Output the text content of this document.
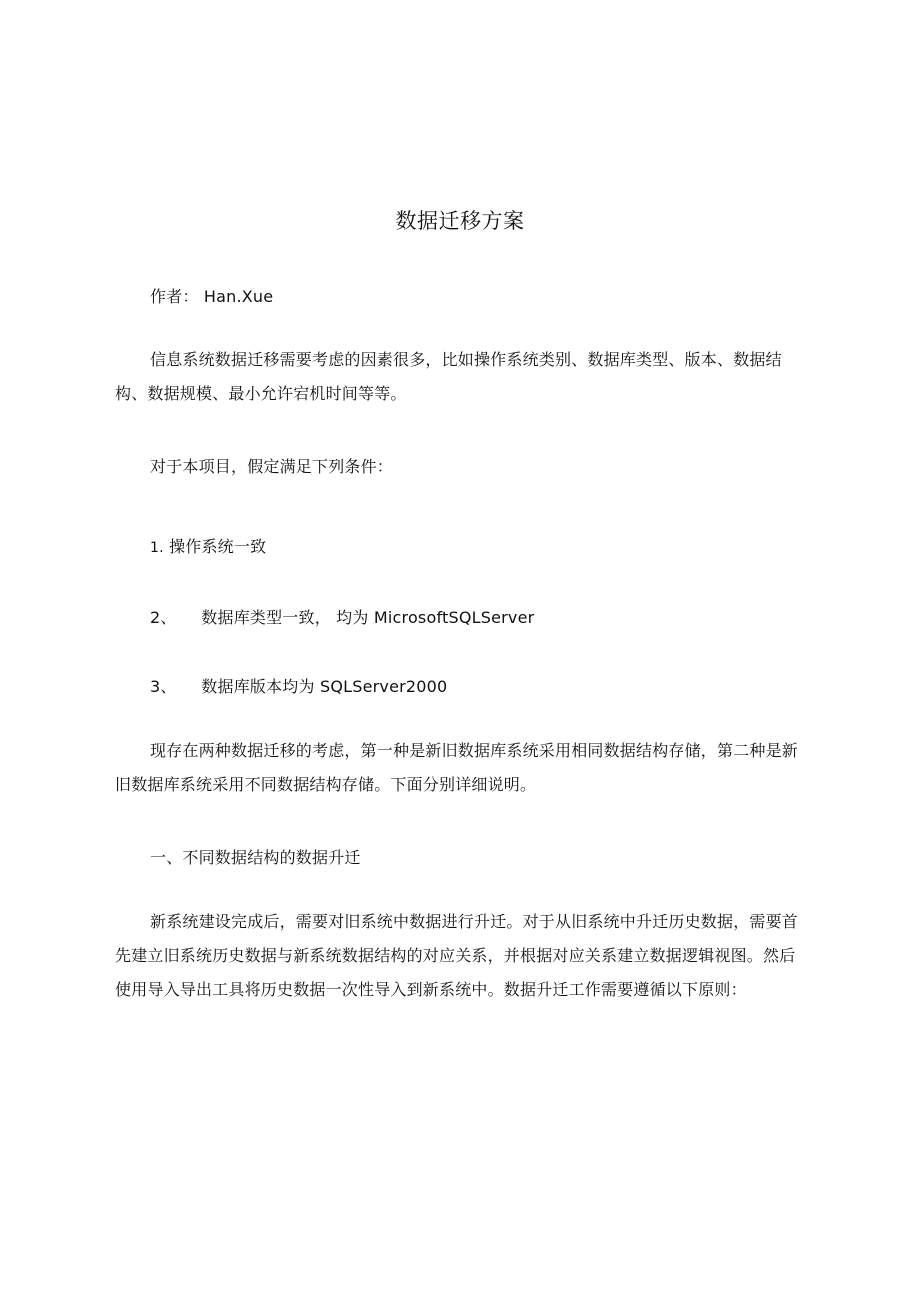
数据迁移方案
作者： Han.Xue
信息系统数据迁移需要考虑的因素很多，比如操作系统类别、数据库类型、版本、数据结构、数据规模、最小允许宕机时间等等。
对于本项目，假定满足下列条件：
1. 操作系统一致
2、 数据库类型一致， 均为 MicrosoftSQLServer
3、 数据库版本均为 SQLServer2000
现存在两种数据迁移的考虑，第一种是新旧数据库系统采用相同数据结构存储，第二种是新旧数据库系统采用不同数据结构存储。下面分别详细说明。
一、不同数据结构的数据升迁
新系统建设完成后，需要对旧系统中数据进行升迁。对于从旧系统中升迁历史数据，需要首先建立旧系统历史数据与新系统数据结构的对应关系，并根据对应关系建立数据逻辑视图。然后使用导入导出工具将历史数据一次性导入到新系统中。数据升迁工作需要遵循以下原则：
